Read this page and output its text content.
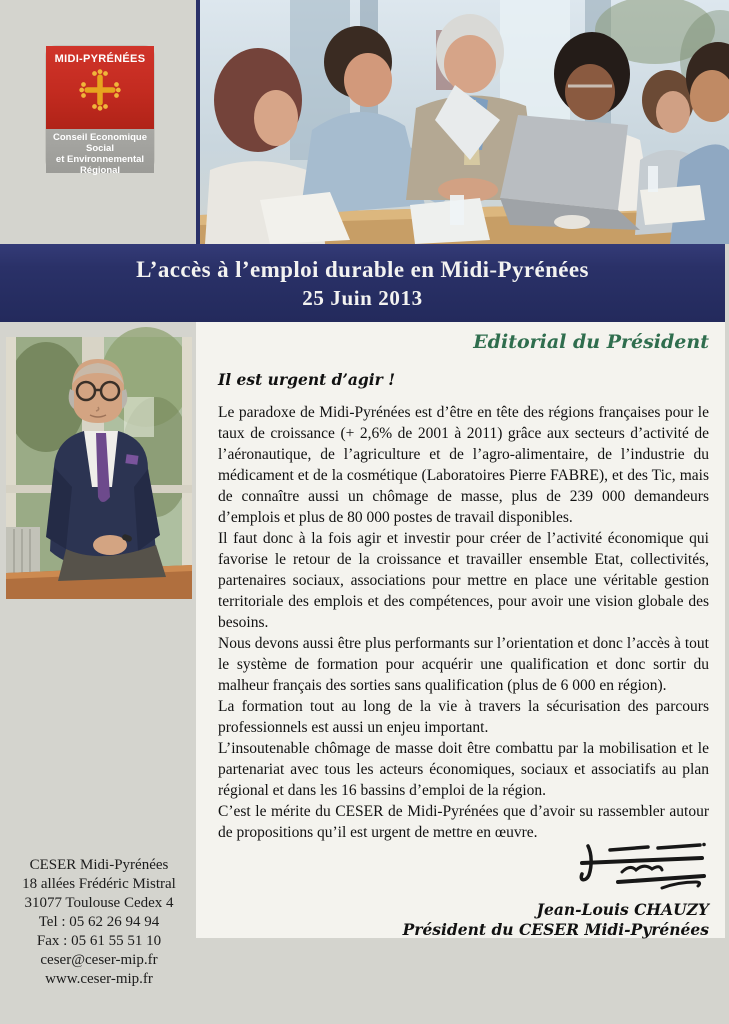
MIDI-PYRÉNÉES
Conseil Economique
Social
et Environnemental
Régional
L’accès à l’emploi durable en Midi-Pyrénées
25 Juin 2013
Editorial du Président
Il est urgent d’agir !

Le paradoxe de Midi-Pyrénées est d’être en tête des régions françaises pour le taux de croissance (+ 2,6% de 2001 à 2011) grâce aux secteurs d’activité de l’aéronautique, de l’agriculture et de l’agro-alimentaire, de l’industrie du médicament et de la cosmétique (Laboratoires Pierre FABRE), et des Tic, mais de connaître aussi un chômage de masse, plus de 239 000 demandeurs d’emplois et plus de 80 000 postes de travail disponibles.

Il faut donc à la fois agir et investir pour créer de l’activité économique qui favorise le retour de la croissance et travailler ensemble Etat, collectivités, partenaires sociaux, associations pour mettre en place une véritable gestion territoriale des emplois et des compétences, pour avoir une vision globale des besoins.

Nous devons aussi être plus performants sur l’orientation et donc l’accès à tout le système de formation pour acquérir une qualification et donc sortir du malheur français des sorties sans qualification (plus de 6 000 en région).

La formation tout au long de la vie à travers la sécurisation des parcours professionnels est aussi un enjeu important.

L’insoutenable chômage de masse doit être combattu par la mobilisation et le partenariat avec tous les acteurs économiques, sociaux et associatifs au plan régional et dans les 16 bassins d’emploi de la région.

C’est le mérite du CESER de Midi-Pyrénées que d’avoir su rassembler autour de propositions qu’il est urgent de mettre en œuvre.

Jean-Louis CHAUZY
Président du CESER Midi-Pyrénées
CESER Midi-Pyrénées
18 allées Frédéric Mistral
31077 Toulouse Cedex 4
Tel : 05 62 26 94 94
Fax : 05 61 55 51 10
ceser@ceser-mip.fr
www.ceser-mip.fr
